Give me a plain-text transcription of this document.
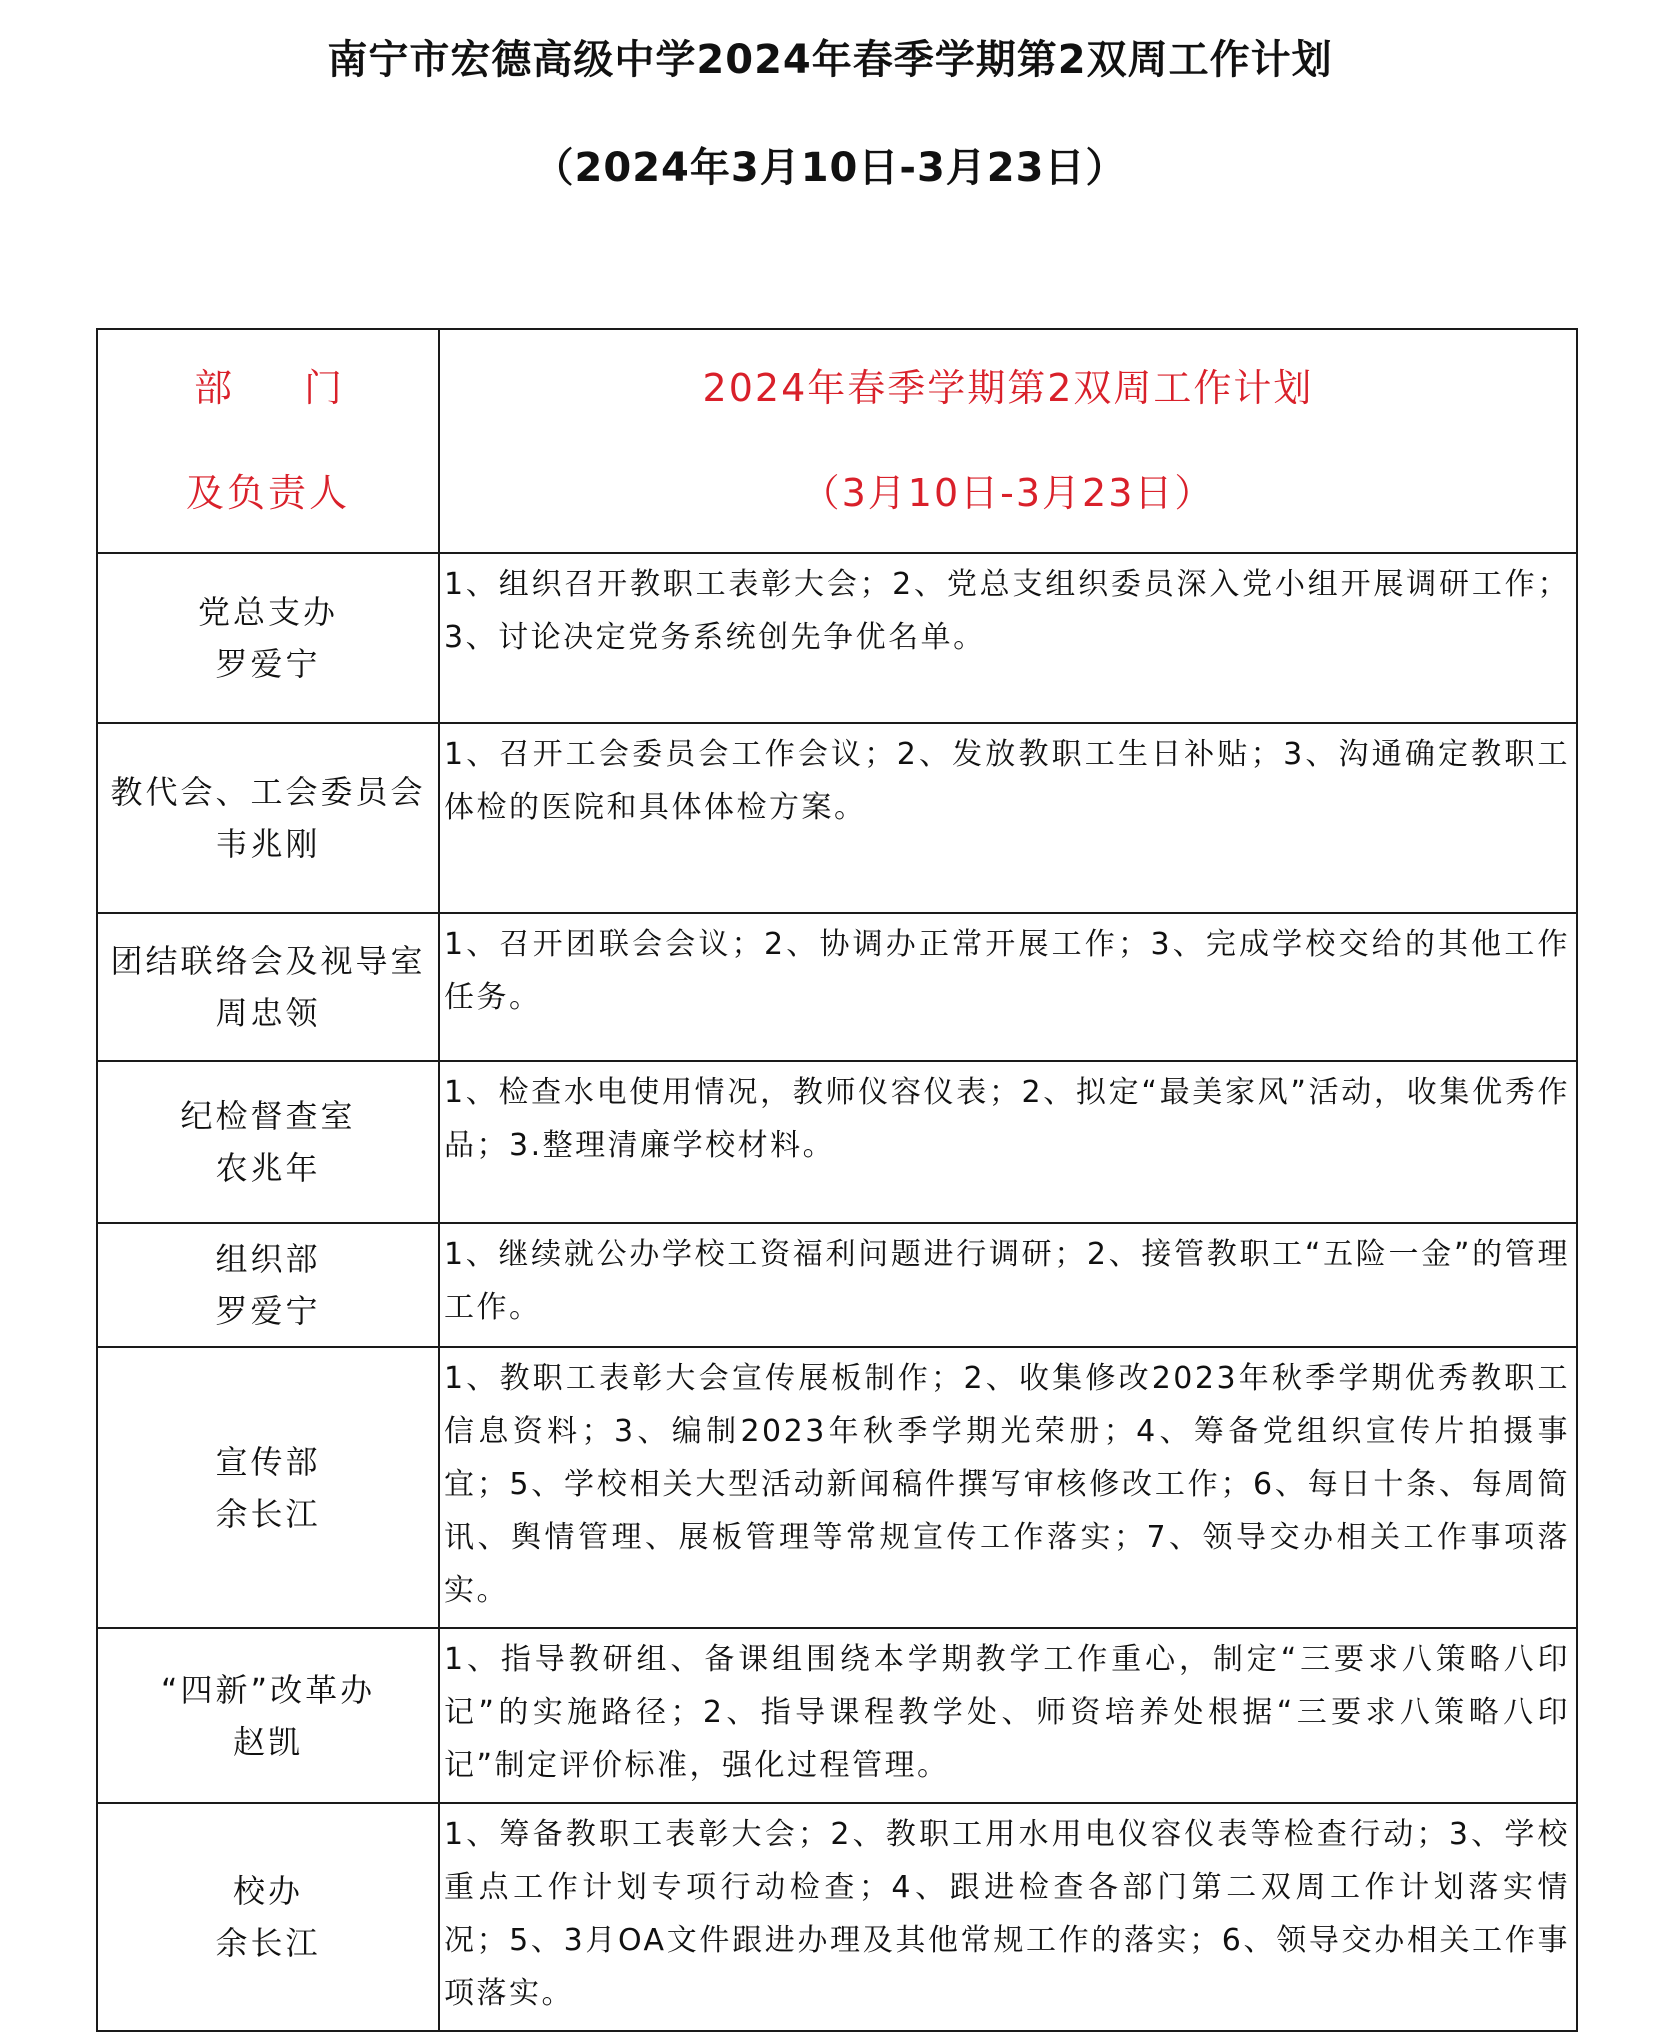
南宁市宏德高级中学2024年春季学期第2双周工作计划
（2024年3月10日-3月23日）
部门
及负责人	2024年春季学期第2双周工作计划
（3月10日-3月23日）

党总支办
罗爱宁	1、组织召开教职工表彰大会；2、党总支组织委员深入党小组开展调研工作；3、讨论决定党务系统创先争优名单。

教代会、工会委员会
韦兆刚	1、召开工会委员会工作会议；2、发放教职工生日补贴；3、沟通确定教职工体检的医院和具体体检方案。

团结联络会及视导室
周忠领	1、召开团联会会议；2、协调办正常开展工作；3、完成学校交给的其他工作任务。

纪检督查室
农兆年	1、检查水电使用情况，教师仪容仪表；2、拟定“最美家风”活动，收集优秀作品；3.整理清廉学校材料。

组织部
罗爱宁	1、继续就公办学校工资福利问题进行调研；2、接管教职工“五险一金”的管理工作。

宣传部
余长江	1、教职工表彰大会宣传展板制作；2、收集修改2023年秋季学期优秀教职工信息资料；3、编制2023年秋季学期光荣册；4、筹备党组织宣传片拍摄事宜；5、学校相关大型活动新闻稿件撰写审核修改工作；6、每日十条、每周简讯、舆情管理、展板管理等常规宣传工作落实；7、领导交办相关工作事项落实。

“四新”改革办
赵凯	1、指导教研组、备课组围绕本学期教学工作重心，制定“三要求八策略八印记”的实施路径；2、指导课程教学处、师资培养处根据“三要求八策略八印记”制定评价标准，强化过程管理。

校办
余长江	1、筹备教职工表彰大会；2、教职工用水用电仪容仪表等检查行动；3、学校重点工作计划专项行动检查；4、跟进检查各部门第二双周工作计划落实情况；5、3月OA文件跟进办理及其他常规工作的落实；6、领导交办相关工作事项落实。
